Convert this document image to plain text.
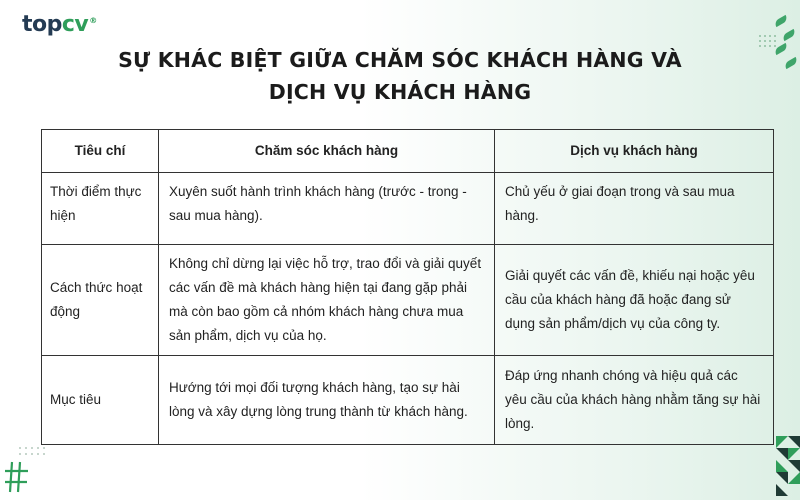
topcv®
SỰ KHÁC BIỆT GIỮA CHĂM SÓC KHÁCH HÀNG VÀ
DỊCH VỤ KHÁCH HÀNG
Tiêu chí	Chăm sóc khách hàng	Dịch vụ khách hàng
Thời điểm thực hiện	Xuyên suốt hành trình khách hàng (trước - trong - sau mua hàng).	Chủ yếu ở giai đoạn trong và sau mua hàng.
Cách thức hoạt động	Không chỉ dừng lại việc hỗ trợ, trao đổi và giải quyết các vấn đề mà khách hàng hiện tại đang gặp phải mà còn bao gồm cả nhóm khách hàng chưa mua sản phẩm, dịch vụ của họ.	Giải quyết các vấn đề, khiếu nại hoặc yêu cầu của khách hàng đã hoặc đang sử dụng sản phẩm/dịch vụ của công ty.
Mục tiêu	Hướng tới mọi đối tượng khách hàng, tạo sự hài lòng và xây dựng lòng trung thành từ khách hàng.	Đáp ứng nhanh chóng và hiệu quả các yêu cầu của khách hàng nhằm tăng sự hài lòng.
